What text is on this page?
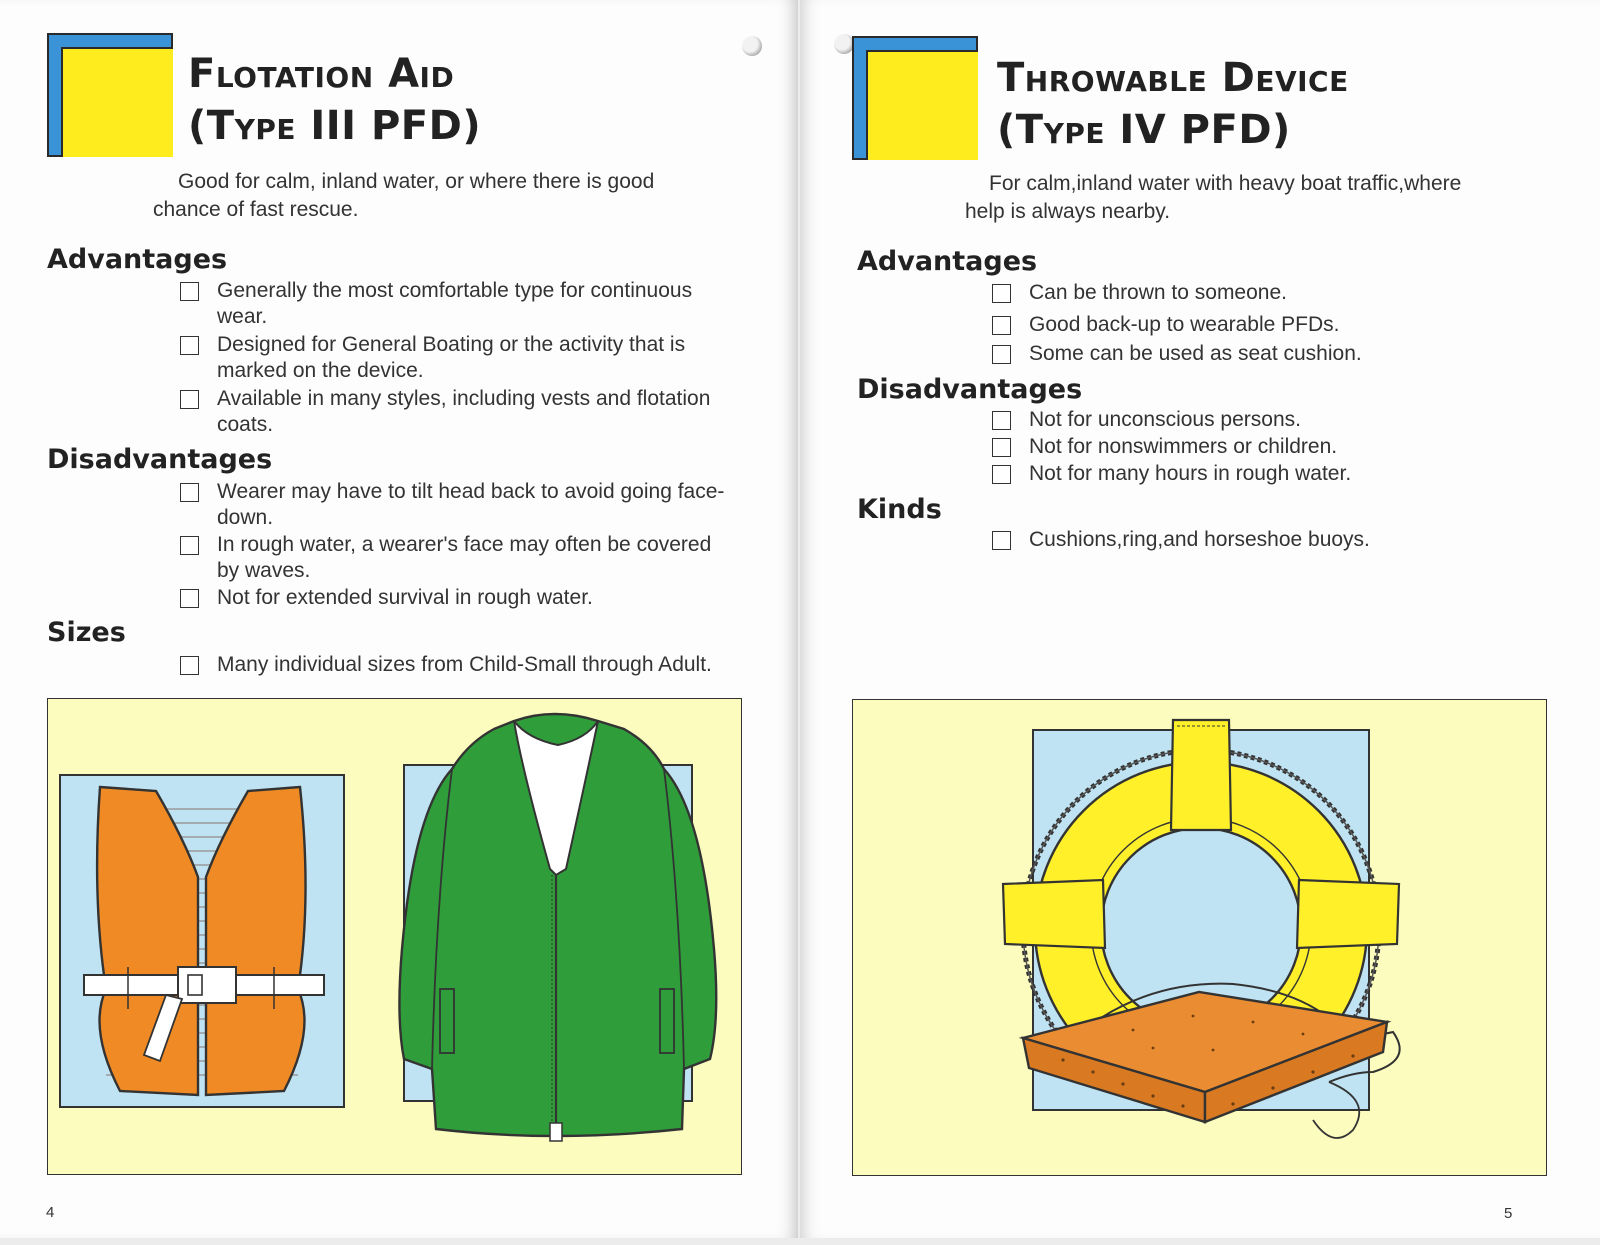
Flotation Aid
(Type III PFD)

Good for calm, inland water, or where there is good
chance of fast rescue.

Advantages
Generally the most comfortable type for continuous
wear.
Designed for General Boating or the activity that is
marked on the device.
Available in many styles, including vests and flotation
coats.
Disadvantages
Wearer may have to tilt head back to avoid going face-
down.
In rough water, a wearer's face may often be covered
by waves.
Not for extended survival in rough water.
Sizes
Many individual sizes from Child-Small through Adult.
4
Throwable Device
(Type IV PFD)

For calm,inland water with heavy boat traffic,where
help is always nearby.

Advantages
Can be thrown to someone.
Good back-up to wearable PFDs.
Some can be used as seat cushion.
Disadvantages
Not for unconscious persons.
Not for nonswimmers or children.
Not for many hours in rough water.
Kinds
Cushions,ring,and horseshoe buoys.
5
